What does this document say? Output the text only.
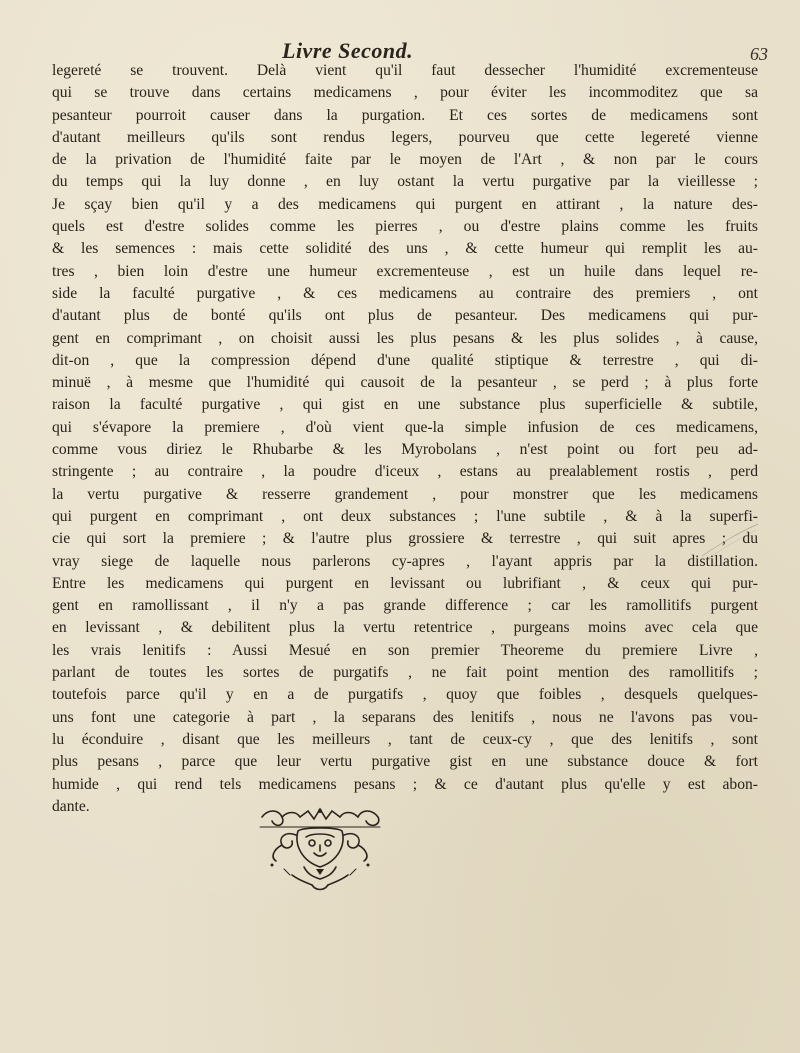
Livre Second.	63
legereté se trouvent. Delà vient qu'il faut dessecher l'humidité excrementeuse
qui se trouve dans certains medicamens , pour éviter les incommoditez que sa
pesanteur pourroit causer dans la purgation. Et ces sortes de medicamens sont
d'autant meilleurs qu'ils sont rendus legers, pourveu que cette legereté vienne
de la privation de l'humidité faite par le moyen de l'Art , & non par le cours
du temps qui la luy donne , en luy ostant la vertu purgative par la vieillesse ;
Je sçay bien qu'il y a des medicamens qui purgent en attirant , la nature des-
quels est d'estre solides comme les pierres , ou d'estre plains comme les fruits
& les semences : mais cette solidité des uns , & cette humeur qui remplit les au-
tres , bien loin d'estre une humeur excrementeuse , est un huile dans lequel re-
side la faculté purgative , & ces medicamens au contraire des premiers , ont
d'autant plus de bonté qu'ils ont plus de pesanteur. Des medicamens qui pur-
gent en comprimant , on choisit aussi les plus pesans & les plus solides , à cause,
dit-on , que la compression dépend d'une qualité stiptique & terrestre , qui di-
minuë , à mesme que l'humidité qui causoit de la pesanteur , se perd ; à plus forte
raison la faculté purgative , qui gist en une substance plus superficielle & subtile,
qui s'évapore la premiere , d'où vient que-la simple infusion de ces medicamens,
comme vous diriez le Rhubarbe & les Myrobolans , n'est point ou fort peu ad-
stringente ; au contraire , la poudre d'iceux , estans au prealablement rostis , perd
la vertu purgative & resserre grandement , pour monstrer que les medicamens
qui purgent en comprimant , ont deux substances ; l'une subtile , & à la superfi-
cie qui sort la premiere ; & l'autre plus grossiere & terrestre , qui suit apres ; du
vray siege de laquelle nous parlerons cy-apres , l'ayant appris par la distillation.
Entre les medicamens qui purgent en levissant ou lubrifiant , & ceux qui pur-
gent en ramollissant , il n'y a pas grande difference ; car les ramollitifs purgent
en levissant , & debilitent plus la vertu retentrice , purgeans moins avec cela que
les vrais lenitifs : Aussi Mesué en son premier Theoreme du premiere Livre ,
parlant de toutes les sortes de purgatifs , ne fait point mention des ramollitifs ;
toutefois parce qu'il y en a de purgatifs , quoy que foibles , desquels quelques-
uns font une categorie à part , la separans des lenitifs , nous ne l'avons pas vou-
lu éconduire , disant que les meilleurs , tant de ceux-cy , que des lenitifs , sont
plus pesans , parce que leur vertu purgative gist en une substance douce & fort
humide , qui rend tels medicamens pesans ; & ce d'autant plus qu'elle y est abon-
dante.
